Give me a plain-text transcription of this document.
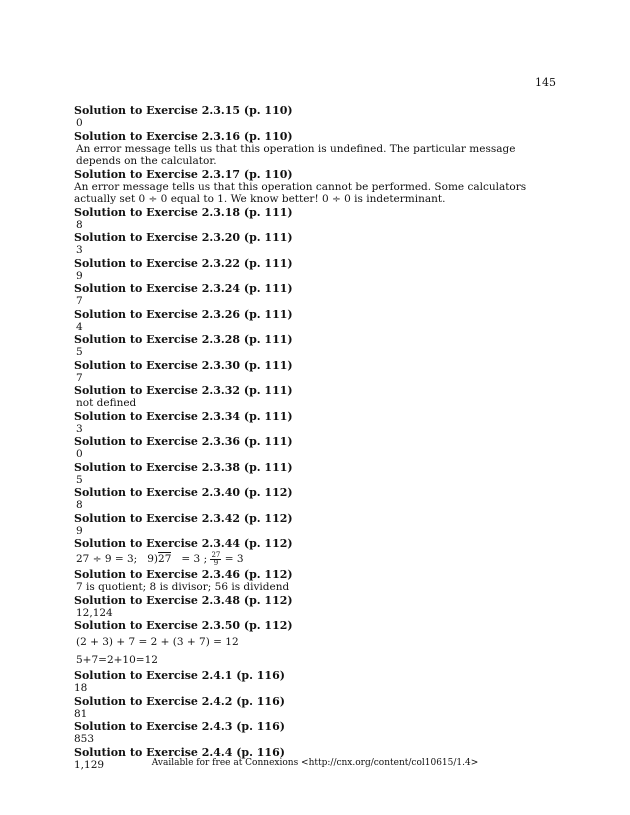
145

Solution to Exercise 2.3.15 (p. 110)

0

Solution to Exercise 2.3.16 (p. 110)

An error message tells us that this operation is undefined. The particular message depends on the calculator.

Solution to Exercise 2.3.17 (p. 110)

An error message tells us that this operation cannot be performed. Some calculators actually set 0 ÷ 0 equal to 1. We know better! 0 ÷ 0 is indeterminant.

Solution to Exercise 2.3.18 (p. 111)

8

Solution to Exercise 2.3.20 (p. 111)

3

Solution to Exercise 2.3.22 (p. 111)

9

Solution to Exercise 2.3.24 (p. 111)

7

Solution to Exercise 2.3.26 (p. 111)

4

Solution to Exercise 2.3.28 (p. 111)

5

Solution to Exercise 2.3.30 (p. 111)

7

Solution to Exercise 2.3.32 (p. 111)

not defined

Solution to Exercise 2.3.34 (p. 111)

3

Solution to Exercise 2.3.36 (p. 111)

0

Solution to Exercise 2.3.38 (p. 111)

5

Solution to Exercise 2.3.40 (p. 112)

8

Solution to Exercise 2.3.42 (p. 112)

9

Solution to Exercise 2.3.44 (p. 112)

27 ÷ 9 = 3; 9)27 = 3 ; $\frac{27}{9} = 3$

Solution to Exercise 2.3.46 (p. 112)

7 is quotient; 8 is divisor; 56 is dividend

Solution to Exercise 2.3.48 (p. 112)

12,124

Solution to Exercise 2.3.50 (p. 112)

(2 + 3) + 7 = 2 + (3 + 7) = 12

5+7=2+10=12

Solution to Exercise 2.4.1 (p. 116)

18

Solution to Exercise 2.4.2 (p. 116)

81

Solution to Exercise 2.4.3 (p. 116)

853

Solution to Exercise 2.4.4 (p. 116)

1,129	Available for free at Connexions <http://cnx.org/content/col10615/1.4>
